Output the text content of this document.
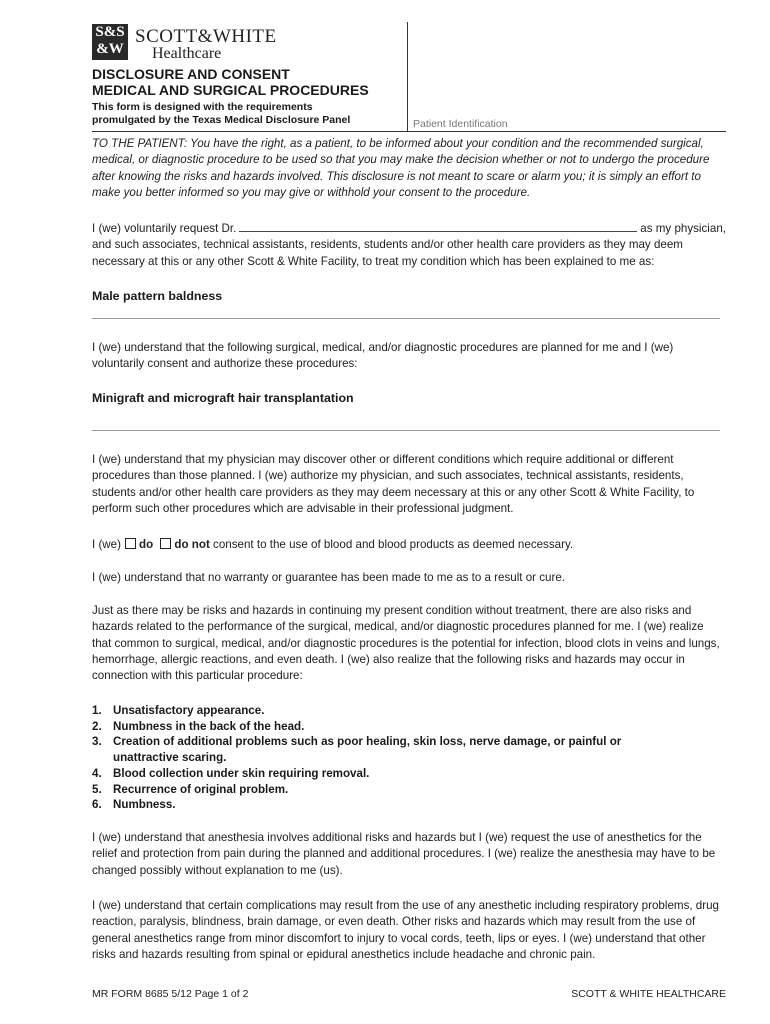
S&S
&W
SCOTT&WHITE
Healthcare
DISCLOSURE AND CONSENT
MEDICAL AND SURGICAL PROCEDURES
This form is designed with the requirements
promulgated by the Texas Medical Disclosure Panel	Patient Identification
TO THE PATIENT: You have the right, as a patient, to be informed about your condition and the recommended surgical, medical, or diagnostic procedure to be used so that you may make the decision whether or not to undergo the procedure after knowing the risks and hazards involved. This disclosure is not meant to scare or alarm you; it is simply an effort to make you better informed so you may give or withhold your consent to the procedure.
I (we) voluntarily request Dr.	as my physician,
and such associates, technical assistants, residents, students and/or other health care providers as they may deem necessary at this or any other Scott & White Facility, to treat my condition which has been explained to me as:
Male pattern baldness
I (we) understand that the following surgical, medical, and/or diagnostic procedures are planned for me and I (we) voluntarily consent and authorize these procedures:
Minigraft and micrograft hair transplantation
I (we) understand that my physician may discover other or different conditions which require additional or different procedures than those planned. I (we) authorize my physician, and such associates, technical assistants, residents, students and/or other health care providers as they may deem necessary at this or any other Scott & White Facility, to perform such other procedures which are advisable in their professional judgment.
I (we) do do not consent to the use of blood and blood products as deemed necessary.
I (we) understand that no warranty or guarantee has been made to me as to a result or cure.
Just as there may be risks and hazards in continuing my present condition without treatment, there are also risks and hazards related to the performance of the surgical, medical, and/or diagnostic procedures planned for me. I (we) realize that common to surgical, medical, and/or diagnostic procedures is the potential for infection, blood clots in veins and lungs, hemorrhage, allergic reactions, and even death. I (we) also realize that the following risks and hazards may occur in connection with this particular procedure:
1. Unsatisfactory appearance.
2. Numbness in the back of the head.
3. Creation of additional problems such as poor healing, skin loss, nerve damage, or painful or unattractive scaring.
4. Blood collection under skin requiring removal.
5. Recurrence of original problem.
6. Numbness.
I (we) understand that anesthesia involves additional risks and hazards but I (we) request the use of anesthetics for the relief and protection from pain during the planned and additional procedures. I (we) realize the anesthesia may have to be changed possibly without explanation to me (us).
I (we) understand that certain complications may result from the use of any anesthetic including respiratory problems, drug reaction, paralysis, blindness, brain damage, or even death. Other risks and hazards which may result from the use of general anesthetics range from minor discomfort to injury to vocal cords, teeth, lips or eyes. I (we) understand that other risks and hazards resulting from spinal or epidural anesthetics include headache and chronic pain.
MR FORM 8685 5/12 Page 1 of 2	SCOTT & WHITE HEALTHCARE
